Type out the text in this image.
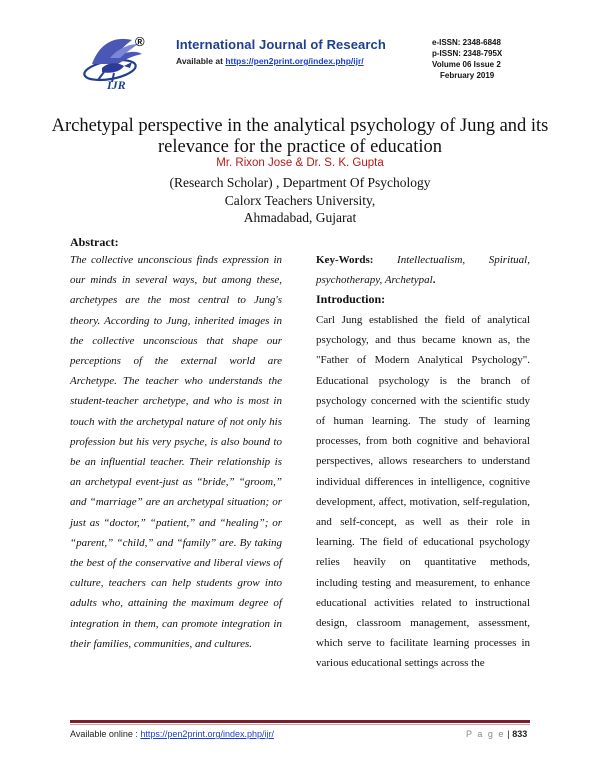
IJR
® International Journal of Research
Available at https://pen2print.org/index.php/ijr/
e-ISSN: 2348-6848
p-ISSN: 2348-795X
Volume 06 Issue 2
February 2019
Archetypal perspective in the analytical psychology of Jung and its
relevance for the practice of education
Mr. Rixon Jose & Dr. S. K. Gupta
(Research Scholar) , Department Of Psychology
Calorx Teachers University,
Ahmadabad, Gujarat
Abstract:
The collective unconscious finds expression in our minds in several ways, but among these, archetypes are the most central to Jung's theory. According to Jung, inherited images in the collective unconscious that shape our perceptions of the external world are Archetype. The teacher who understands the student-teacher archetype, and who is most in touch with the archetypal nature of not only his profession but his very psyche, is also bound to be an influential teacher. Their relationship is an archetypal event-just as “bride,” “groom,” and “marriage” are an archetypal situation; or just as “doctor,” “patient,” and “healing”; or “parent,” “child,” and “family” are. By taking the best of the conservative and liberal views of culture, teachers can help students grow into adults who, attaining the maximum degree of integration in them, can promote integration in their families, communities, and cultures.
Key-Words: Intellectualism, Spiritual, psychotherapy, Archetypal.
Introduction:
Carl Jung established the field of analytical psychology, and thus became known as, the "Father of Modern Analytical Psychology". Educational psychology is the branch of psychology concerned with the scientific study of human learning. The study of learning processes, from both cognitive and behavioral perspectives, allows researchers to understand individual differences in intelligence, cognitive development, affect, motivation, self-regulation, and self-concept, as well as their role in learning. The field of educational psychology relies heavily on quantitative methods, including testing and measurement, to enhance educational activities related to instructional design, classroom management, assessment, which serve to facilitate learning processes in various educational settings across the
Available online : https://pen2print.org/index.php/ijr/	P a g e | 833
